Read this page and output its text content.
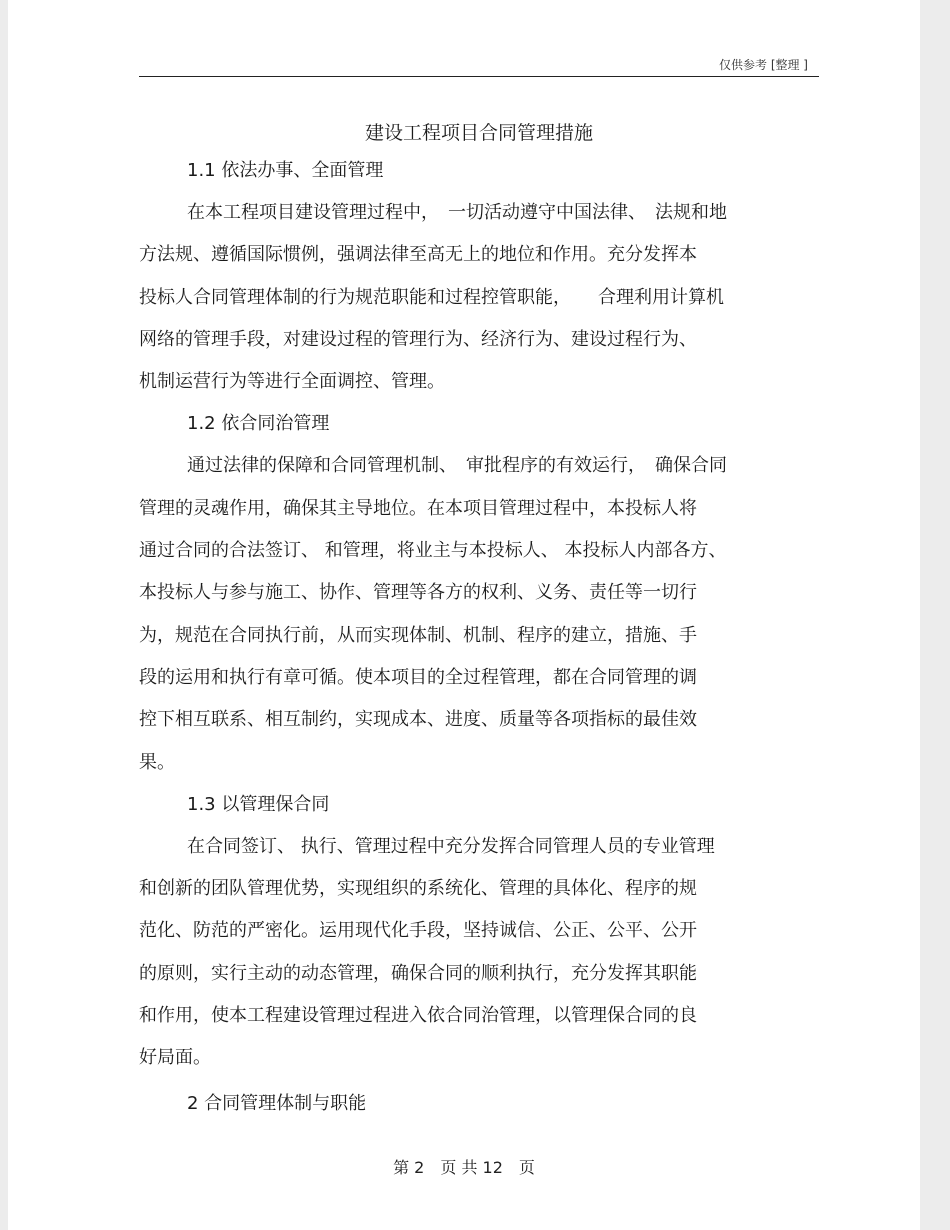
仅供参考 [整理 ]
建设工程项目合同管理措施
1.1 依法办事、全面管理
在本工程项目建设管理过程中，　一切活动遵守中国法律、　法规和地
方法规、遵循国际惯例，强调法律至高无上的地位和作用。充分发挥本
投标人合同管理体制的行为规范职能和过程控管职能，　　合理利用计算机
网络的管理手段，对建设过程的管理行为、经济行为、建设过程行为、
机制运营行为等进行全面调控、管理。
1.2 依合同治管理
通过法律的保障和合同管理机制、　审批程序的有效运行，　确保合同
管理的灵魂作用，确保其主导地位。在本项目管理过程中，本投标人将
通过合同的合法签订、 和管理，将业主与本投标人、 本投标人内部各方、
本投标人与参与施工、协作、管理等各方的权利、义务、责任等一切行
为，规范在合同执行前，从而实现体制、机制、程序的建立，措施、手
段的运用和执行有章可循。使本项目的全过程管理，都在合同管理的调
控下相互联系、相互制约，实现成本、进度、质量等各项指标的最佳效
果。
1.3 以管理保合同
在合同签订、 执行、管理过程中充分发挥合同管理人员的专业管理
和创新的团队管理优势，实现组织的系统化、管理的具体化、程序的规
范化、防范的严密化。运用现代化手段，坚持诚信、公正、公平、公开
的原则，实行主动的动态管理，确保合同的顺利执行，充分发挥其职能
和作用，使本工程建设管理过程进入依合同治管理，以管理保合同的良
好局面。
2 合同管理体制与职能
第 2　页 共 12　页
